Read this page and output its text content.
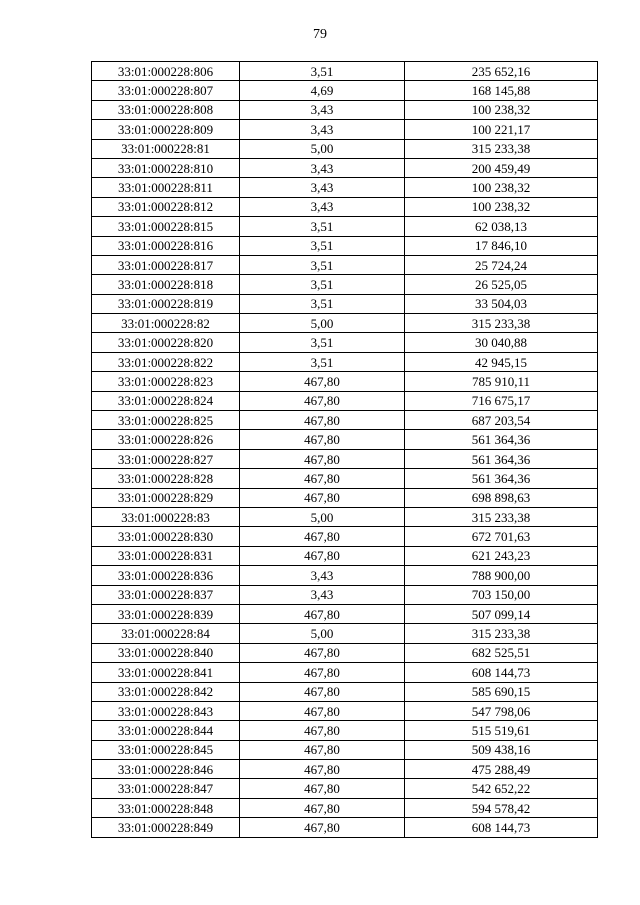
79
33:01:000228:806	3,51	235 652,16
33:01:000228:807	4,69	168 145,88
33:01:000228:808	3,43	100 238,32
33:01:000228:809	3,43	100 221,17
33:01:000228:81	5,00	315 233,38
33:01:000228:810	3,43	200 459,49
33:01:000228:811	3,43	100 238,32
33:01:000228:812	3,43	100 238,32
33:01:000228:815	3,51	62 038,13
33:01:000228:816	3,51	17 846,10
33:01:000228:817	3,51	25 724,24
33:01:000228:818	3,51	26 525,05
33:01:000228:819	3,51	33 504,03
33:01:000228:82	5,00	315 233,38
33:01:000228:820	3,51	30 040,88
33:01:000228:822	3,51	42 945,15
33:01:000228:823	467,80	785 910,11
33:01:000228:824	467,80	716 675,17
33:01:000228:825	467,80	687 203,54
33:01:000228:826	467,80	561 364,36
33:01:000228:827	467,80	561 364,36
33:01:000228:828	467,80	561 364,36
33:01:000228:829	467,80	698 898,63
33:01:000228:83	5,00	315 233,38
33:01:000228:830	467,80	672 701,63
33:01:000228:831	467,80	621 243,23
33:01:000228:836	3,43	788 900,00
33:01:000228:837	3,43	703 150,00
33:01:000228:839	467,80	507 099,14
33:01:000228:84	5,00	315 233,38
33:01:000228:840	467,80	682 525,51
33:01:000228:841	467,80	608 144,73
33:01:000228:842	467,80	585 690,15
33:01:000228:843	467,80	547 798,06
33:01:000228:844	467,80	515 519,61
33:01:000228:845	467,80	509 438,16
33:01:000228:846	467,80	475 288,49
33:01:000228:847	467,80	542 652,22
33:01:000228:848	467,80	594 578,42
33:01:000228:849	467,80	608 144,73
